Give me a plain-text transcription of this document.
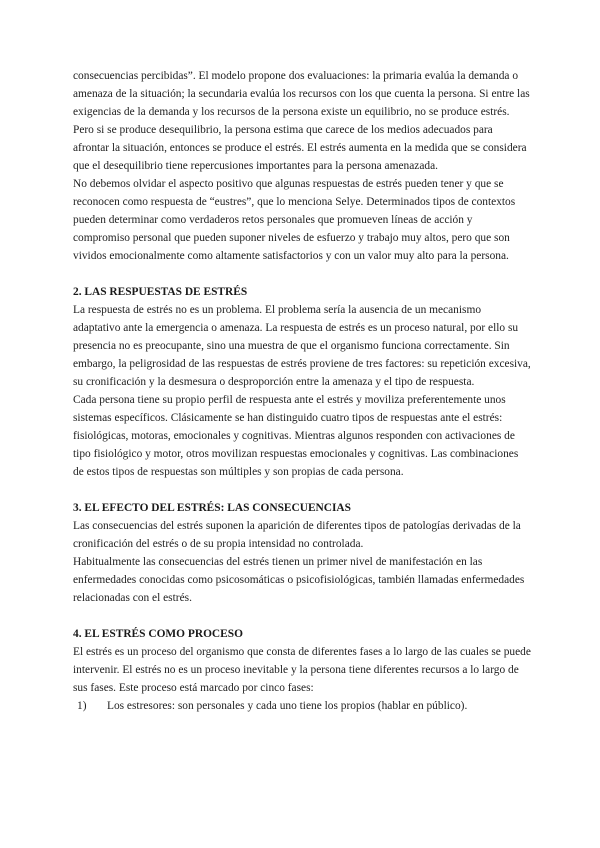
consecuencias percibidas”. El modelo propone dos evaluaciones: la primaria evalúa la demanda o amenaza de la situación; la secundaria evalúa los recursos con los que cuenta la persona. Si entre las exigencias de la demanda y los recursos de la persona existe un equilibrio, no se produce estrés. Pero si se produce desequilibrio, la persona estima que carece de los medios adecuados para afrontar la situación, entonces se produce el estrés. El estrés aumenta en la medida que se considera que el desequilibrio tiene repercusiones importantes para la persona amenazada.

No debemos olvidar el aspecto positivo que algunas respuestas de estrés pueden tener y que se reconocen como respuesta de “eustres”, que lo menciona Selye. Determinados tipos de contextos pueden determinar como verdaderos retos personales que promueven líneas de acción y compromiso personal que pueden suponer niveles de esfuerzo y trabajo muy altos, pero que son vividos emocionalmente como altamente satisfactorios y con un valor muy alto para la persona.

2. LAS RESPUESTAS DE ESTRÉS

La respuesta de estrés no es un problema. El problema sería la ausencia de un mecanismo adaptativo ante la emergencia o amenaza. La respuesta de estrés es un proceso natural, por ello su presencia no es preocupante, sino una muestra de que el organismo funciona correctamente. Sin embargo, la peligrosidad de las respuestas de estrés proviene de tres factores: su repetición excesiva, su cronificación y la desmesura o desproporción entre la amenaza y el tipo de respuesta.

Cada persona tiene su propio perfil de respuesta ante el estrés y moviliza preferentemente unos sistemas específicos. Clásicamente se han distinguido cuatro tipos de respuestas ante el estrés: fisiológicas, motoras, emocionales y cognitivas. Mientras algunos responden con activaciones de tipo fisiológico y motor, otros movilizan respuestas emocionales y cognitivas. Las combinaciones de estos tipos de respuestas son múltiples y son propias de cada persona.

3. EL EFECTO DEL ESTRÉS: LAS CONSECUENCIAS

Las consecuencias del estrés suponen la aparición de diferentes tipos de patologías derivadas de la cronificación del estrés o de su propia intensidad no controlada.

Habitualmente las consecuencias del estrés tienen un primer nivel de manifestación en las enfermedades conocidas como psicosomáticas o psicofisiológicas, también llamadas enfermedades relacionadas con el estrés.

4. EL ESTRÉS COMO PROCESO

El estrés es un proceso del organismo que consta de diferentes fases a lo largo de las cuales se puede intervenir. El estrés no es un proceso inevitable y la persona tiene diferentes recursos a lo largo de sus fases. Este proceso está marcado por cinco fases:

1) Los estresores: son personales y cada uno tiene los propios (hablar en público).
